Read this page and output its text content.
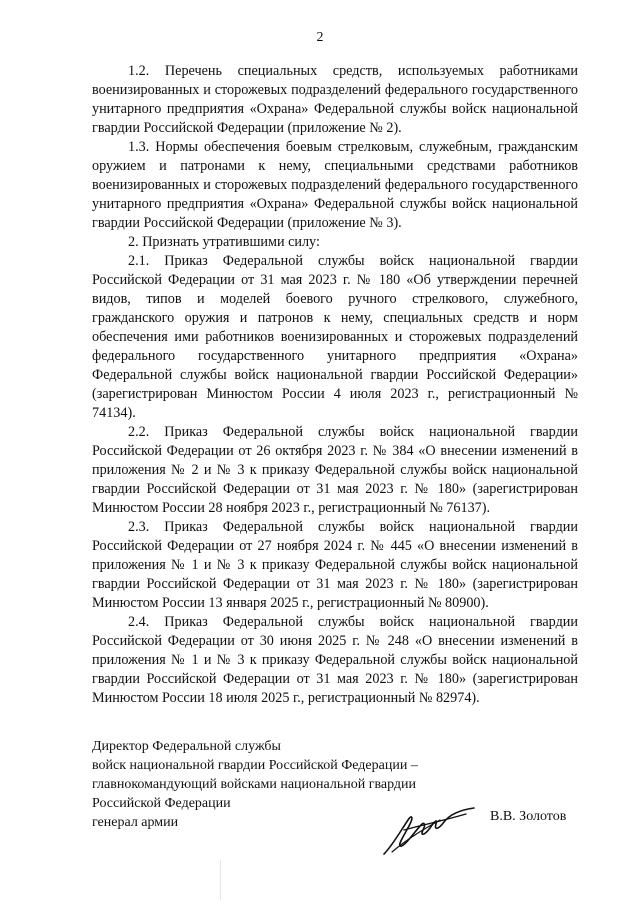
2

1.2. Перечень специальных средств, используемых работниками военизированных и сторожевых подразделений федерального государственного унитарного предприятия «Охрана» Федеральной службы войск национальной гвардии Российской Федерации (приложение № 2).

1.3. Нормы обеспечения боевым стрелковым, служебным, гражданским оружием и патронами к нему, специальными средствами работников военизированных и сторожевых подразделений федерального государственного унитарного предприятия «Охрана» Федеральной службы войск национальной гвардии Российской Федерации (приложение № 3).

2. Признать утратившими силу:

2.1. Приказ Федеральной службы войск национальной гвардии Российской Федерации от 31 мая 2023 г. № 180 «Об утверждении перечней видов, типов и моделей боевого ручного стрелкового, служебного, гражданского оружия и патронов к нему, специальных средств и норм обеспечения ими работников военизированных и сторожевых подразделений федерального государственного унитарного предприятия «Охрана» Федеральной службы войск национальной гвардии Российской Федерации» (зарегистрирован Минюстом России 4 июля 2023 г., регистрационный № 74134).

2.2. Приказ Федеральной службы войск национальной гвардии Российской Федерации от 26 октября 2023 г. № 384 «О внесении изменений в приложения № 2 и № 3 к приказу Федеральной службы войск национальной гвардии Российской Федерации от 31 мая 2023 г. № 180» (зарегистрирован Минюстом России 28 ноября 2023 г., регистрационный № 76137).

2.3. Приказ Федеральной службы войск национальной гвардии Российской Федерации от 27 ноября 2024 г. № 445 «О внесении изменений в приложения № 1 и № 3 к приказу Федеральной службы войск национальной гвардии Российской Федерации от 31 мая 2023 г. № 180» (зарегистрирован Минюстом России 13 января 2025 г., регистрационный № 80900).

2.4. Приказ Федеральной службы войск национальной гвардии Российской Федерации от 30 июня 2025 г. № 248 «О внесении изменений в приложения № 1 и № 3 к приказу Федеральной службы войск национальной гвардии Российской Федерации от 31 мая 2023 г. № 180» (зарегистрирован Минюстом России 18 июля 2025 г., регистрационный № 82974).

Директор Федеральной службы
войск национальной гвардии Российской Федерации –
главнокомандующий войсками национальной гвардии
Российской Федерации
генерал армии	В.В. Золотов
